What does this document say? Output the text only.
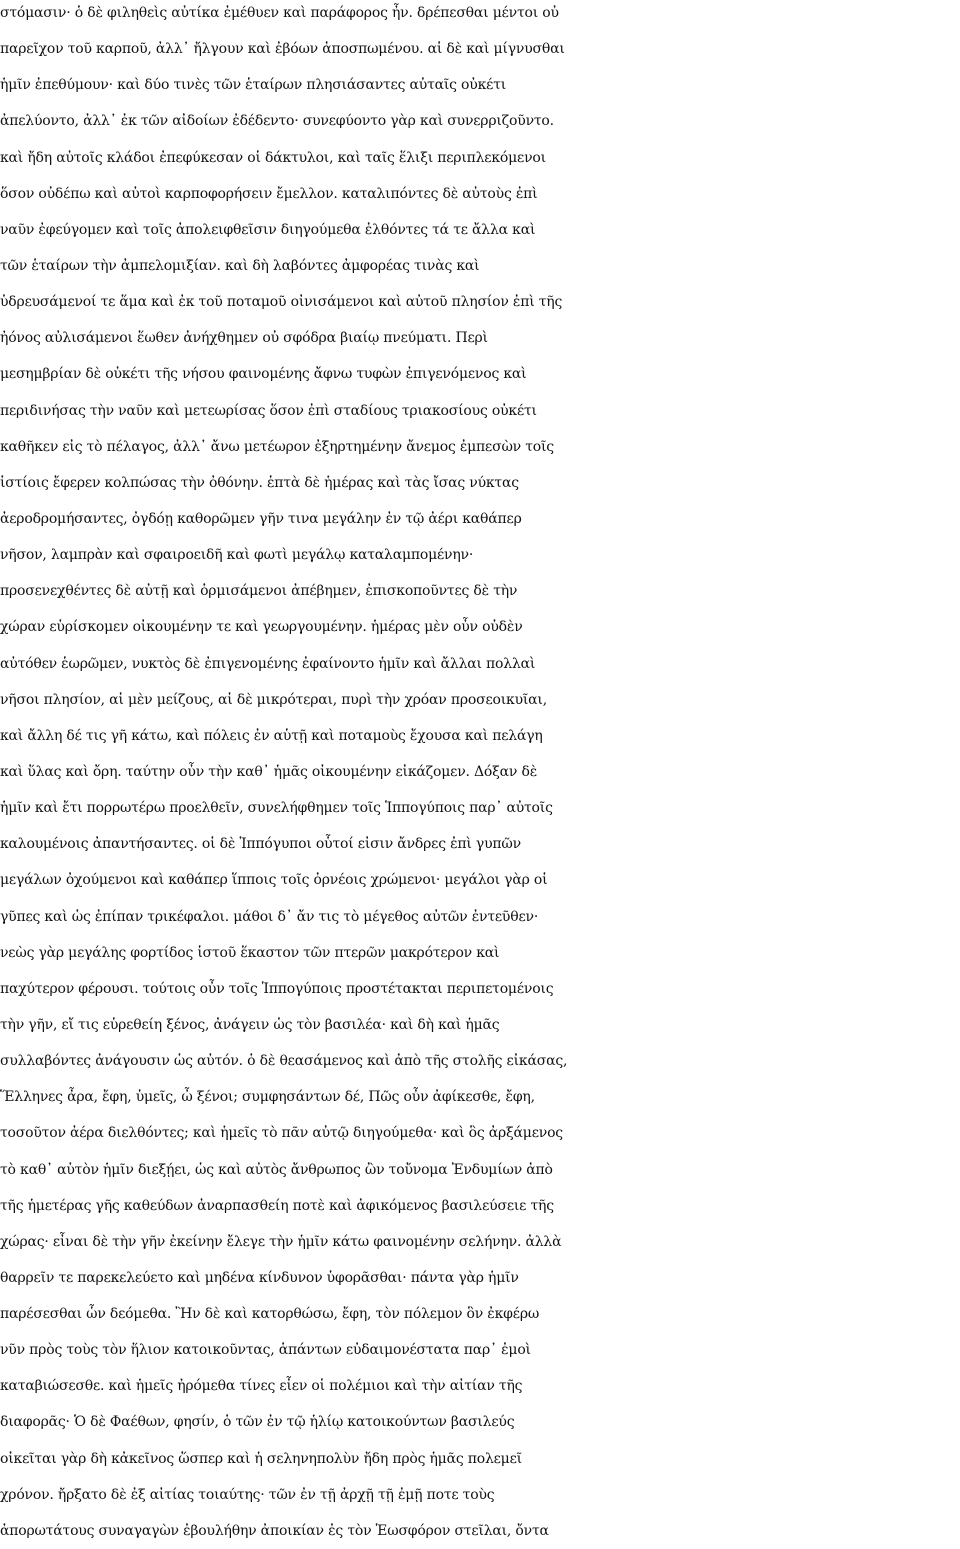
στόμασιν· ὁ δὲ φιληθεὶς αὐτίκα ἐμέθυεν καὶ παράφορος ἦν. δρέπεσθαι μέντοι οὐ
παρεῖχον τοῦ καρποῦ, ἀλλ᾽ ἤλγουν καὶ ἐβόων ἀποσπωμένου. αἱ δὲ καὶ μίγνυσθαι
ἡμῖν ἐπεθύμουν· καὶ δύο τινὲς τῶν ἑταίρων πλησιάσαντες αὐταῖς οὐκέτι
ἀπελύοντο, ἀλλ᾽ ἐκ τῶν αἰδοίων ἐδέδεντο· συνεφύοντο γὰρ καὶ συνερριζοῦντο.
καὶ ἤδη αὐτοῖς κλάδοι ἐπεφύκεσαν οἱ δάκτυλοι, καὶ ταῖς ἕλιξι περιπλεκόμενοι
ὅσον οὐδέπω καὶ αὐτοὶ καρποφορήσειν ἔμελλον. καταλιπόντες δὲ αὐτοὺς ἐπὶ
ναῦν ἐφεύγομεν καὶ τοῖς ἀπολειφθεῖσιν διηγούμεθα ἐλθόντες τά τε ἄλλα καὶ
τῶν ἑταίρων τὴν ἀμπελομιξίαν. καὶ δὴ λαβόντες ἀμφορέας τινὰς καὶ
ὑδρευσάμενοί τε ἅμα καὶ ἐκ τοῦ ποταμοῦ οἰνισάμενοι καὶ αὐτοῦ πλησίον ἐπὶ τῆς
ἠόνος αὐλισάμενοι ἕωθεν ἀνήχθημεν οὐ σφόδρα βιαίῳ πνεύματι. Περὶ
μεσημβρίαν δὲ οὐκέτι τῆς νήσου φαινομένης ἄφνω τυφὼν ἐπιγενόμενος καὶ
περιδινήσας τὴν ναῦν καὶ μετεωρίσας ὅσον ἐπὶ σταδίους τριακοσίους οὐκέτι
καθῆκεν εἰς τὸ πέλαγος, ἀλλ᾽ ἄνω μετέωρον ἐξηρτημένην ἄνεμος ἐμπεσὼν τοῖς
ἱστίοις ἔφερεν κολπώσας τὴν ὀθόνην. ἑπτὰ δὲ ἡμέρας καὶ τὰς ἴσας νύκτας
ἀεροδρομήσαντες, ὀγδόῃ καθορῶμεν γῆν τινα μεγάλην ἐν τῷ ἀέρι καθάπερ
νῆσον, λαμπρὰν καὶ σφαιροειδῆ καὶ φωτὶ μεγάλῳ καταλαμπομένην·
προσενεχθέντες δὲ αὐτῇ καὶ ὁρμισάμενοι ἀπέβημεν, ἐπισκοποῦντες δὲ τὴν
χώραν εὑρίσκομεν οἰκουμένην τε καὶ γεωργουμένην. ἡμέρας μὲν οὖν οὐδὲν
αὐτόθεν ἑωρῶμεν, νυκτὸς δὲ ἐπιγενομένης ἐφαίνοντο ἡμῖν καὶ ἄλλαι πολλαὶ
νῆσοι πλησίον, αἱ μὲν μείζους, αἱ δὲ μικρότεραι, πυρὶ τὴν χρόαν προσεοικυῖαι,
καὶ ἄλλη δέ τις γῆ κάτω, καὶ πόλεις ἐν αὑτῇ καὶ ποταμοὺς ἔχουσα καὶ πελάγη
καὶ ὕλας καὶ ὄρη. ταύτην οὖν τὴν καθ᾽ ἡμᾶς οἰκουμένην εἰκάζομεν. Δόξαν δὲ
ἡμῖν καὶ ἔτι πορρωτέρω προελθεῖν, συνελήφθημεν τοῖς Ἱππογύποις παρ᾽ αὐτοῖς
καλουμένοις ἀπαντήσαντες. οἱ δὲ Ἱππόγυποι οὗτοί εἰσιν ἄνδρες ἐπὶ γυπῶν
μεγάλων ὀχούμενοι καὶ καθάπερ ἵπποις τοῖς ὀρνέοις χρώμενοι· μεγάλοι γὰρ οἱ
γῦπες καὶ ὡς ἐπίπαν τρικέφαλοι. μάθοι δ᾽ ἄν τις τὸ μέγεθος αὐτῶν ἐντεῦθεν·
νεὼς γὰρ μεγάλης φορτίδος ἱστοῦ ἕκαστον τῶν πτερῶν μακρότερον καὶ
παχύτερον φέρουσι. τούτοις οὖν τοῖς Ἱππογύποις προστέτακται περιπετομένοις
τὴν γῆν, εἴ τις εὑρεθείη ξένος, ἀνάγειν ὡς τὸν βασιλέα· καὶ δὴ καὶ ἡμᾶς
συλλαβόντες ἀνάγουσιν ὡς αὐτόν. ὁ δὲ θεασάμενος καὶ ἀπὸ τῆς στολῆς εἰκάσας,
Ἕλληνες ἆρα, ἔφη, ὑμεῖς, ὦ ξένοι; συμφησάντων δέ, Πῶς οὖν ἀφίκεσθε, ἔφη,
τοσοῦτον ἀέρα διελθόντες; καὶ ἡμεῖς τὸ πᾶν αὐτῷ διηγούμεθα· καὶ ὃς ἀρξάμενος
τὸ καθ᾽ αὑτὸν ἡμῖν διεξῄει, ὡς καὶ αὐτὸς ἄνθρωπος ὢν τοὔνομα Ἐνδυμίων ἀπὸ
τῆς ἡμετέρας γῆς καθεύδων ἀναρπασθείη ποτὲ καὶ ἀφικόμενος βασιλεύσειε τῆς
χώρας· εἶναι δὲ τὴν γῆν ἐκείνην ἔλεγε τὴν ἡμῖν κάτω φαινομένην σελήνην. ἀλλὰ
θαρρεῖν τε παρεκελεύετο καὶ μηδένα κίνδυνον ὑφορᾶσθαι· πάντα γὰρ ἡμῖν
παρέσεσθαι ὧν δεόμεθα. Ἢν δὲ καὶ κατορθώσω, ἔφη, τὸν πόλεμον ὃν ἐκφέρω
νῦν πρὸς τοὺς τὸν ἥλιον κατοικοῦντας, ἁπάντων εὐδαιμονέστατα παρ᾽ ἐμοὶ
καταβιώσεσθε. καὶ ἡμεῖς ἠρόμεθα τίνες εἶεν οἱ πολέμιοι καὶ τὴν αἰτίαν τῆς
διαφορᾶς· Ὁ δὲ Φαέθων, φησίν, ὁ τῶν ἐν τῷ ἡλίῳ κατοικούντων βασιλεύς
οἰκεῖται γὰρ δὴ κἀκεῖνος ὥσπερ καὶ ἡ σεληνηπολὺν ἤδη πρὸς ἡμᾶς πολεμεῖ
χρόνον. ἤρξατο δὲ ἐξ αἰτίας τοιαύτης· τῶν ἐν τῇ ἀρχῇ τῇ ἐμῇ ποτε τοὺς
ἀπορωτάτους συναγαγὼν ἐβουλήθην ἀποικίαν ἐς τὸν Ἑωσφόρον στεῖλαι, ὄντα
